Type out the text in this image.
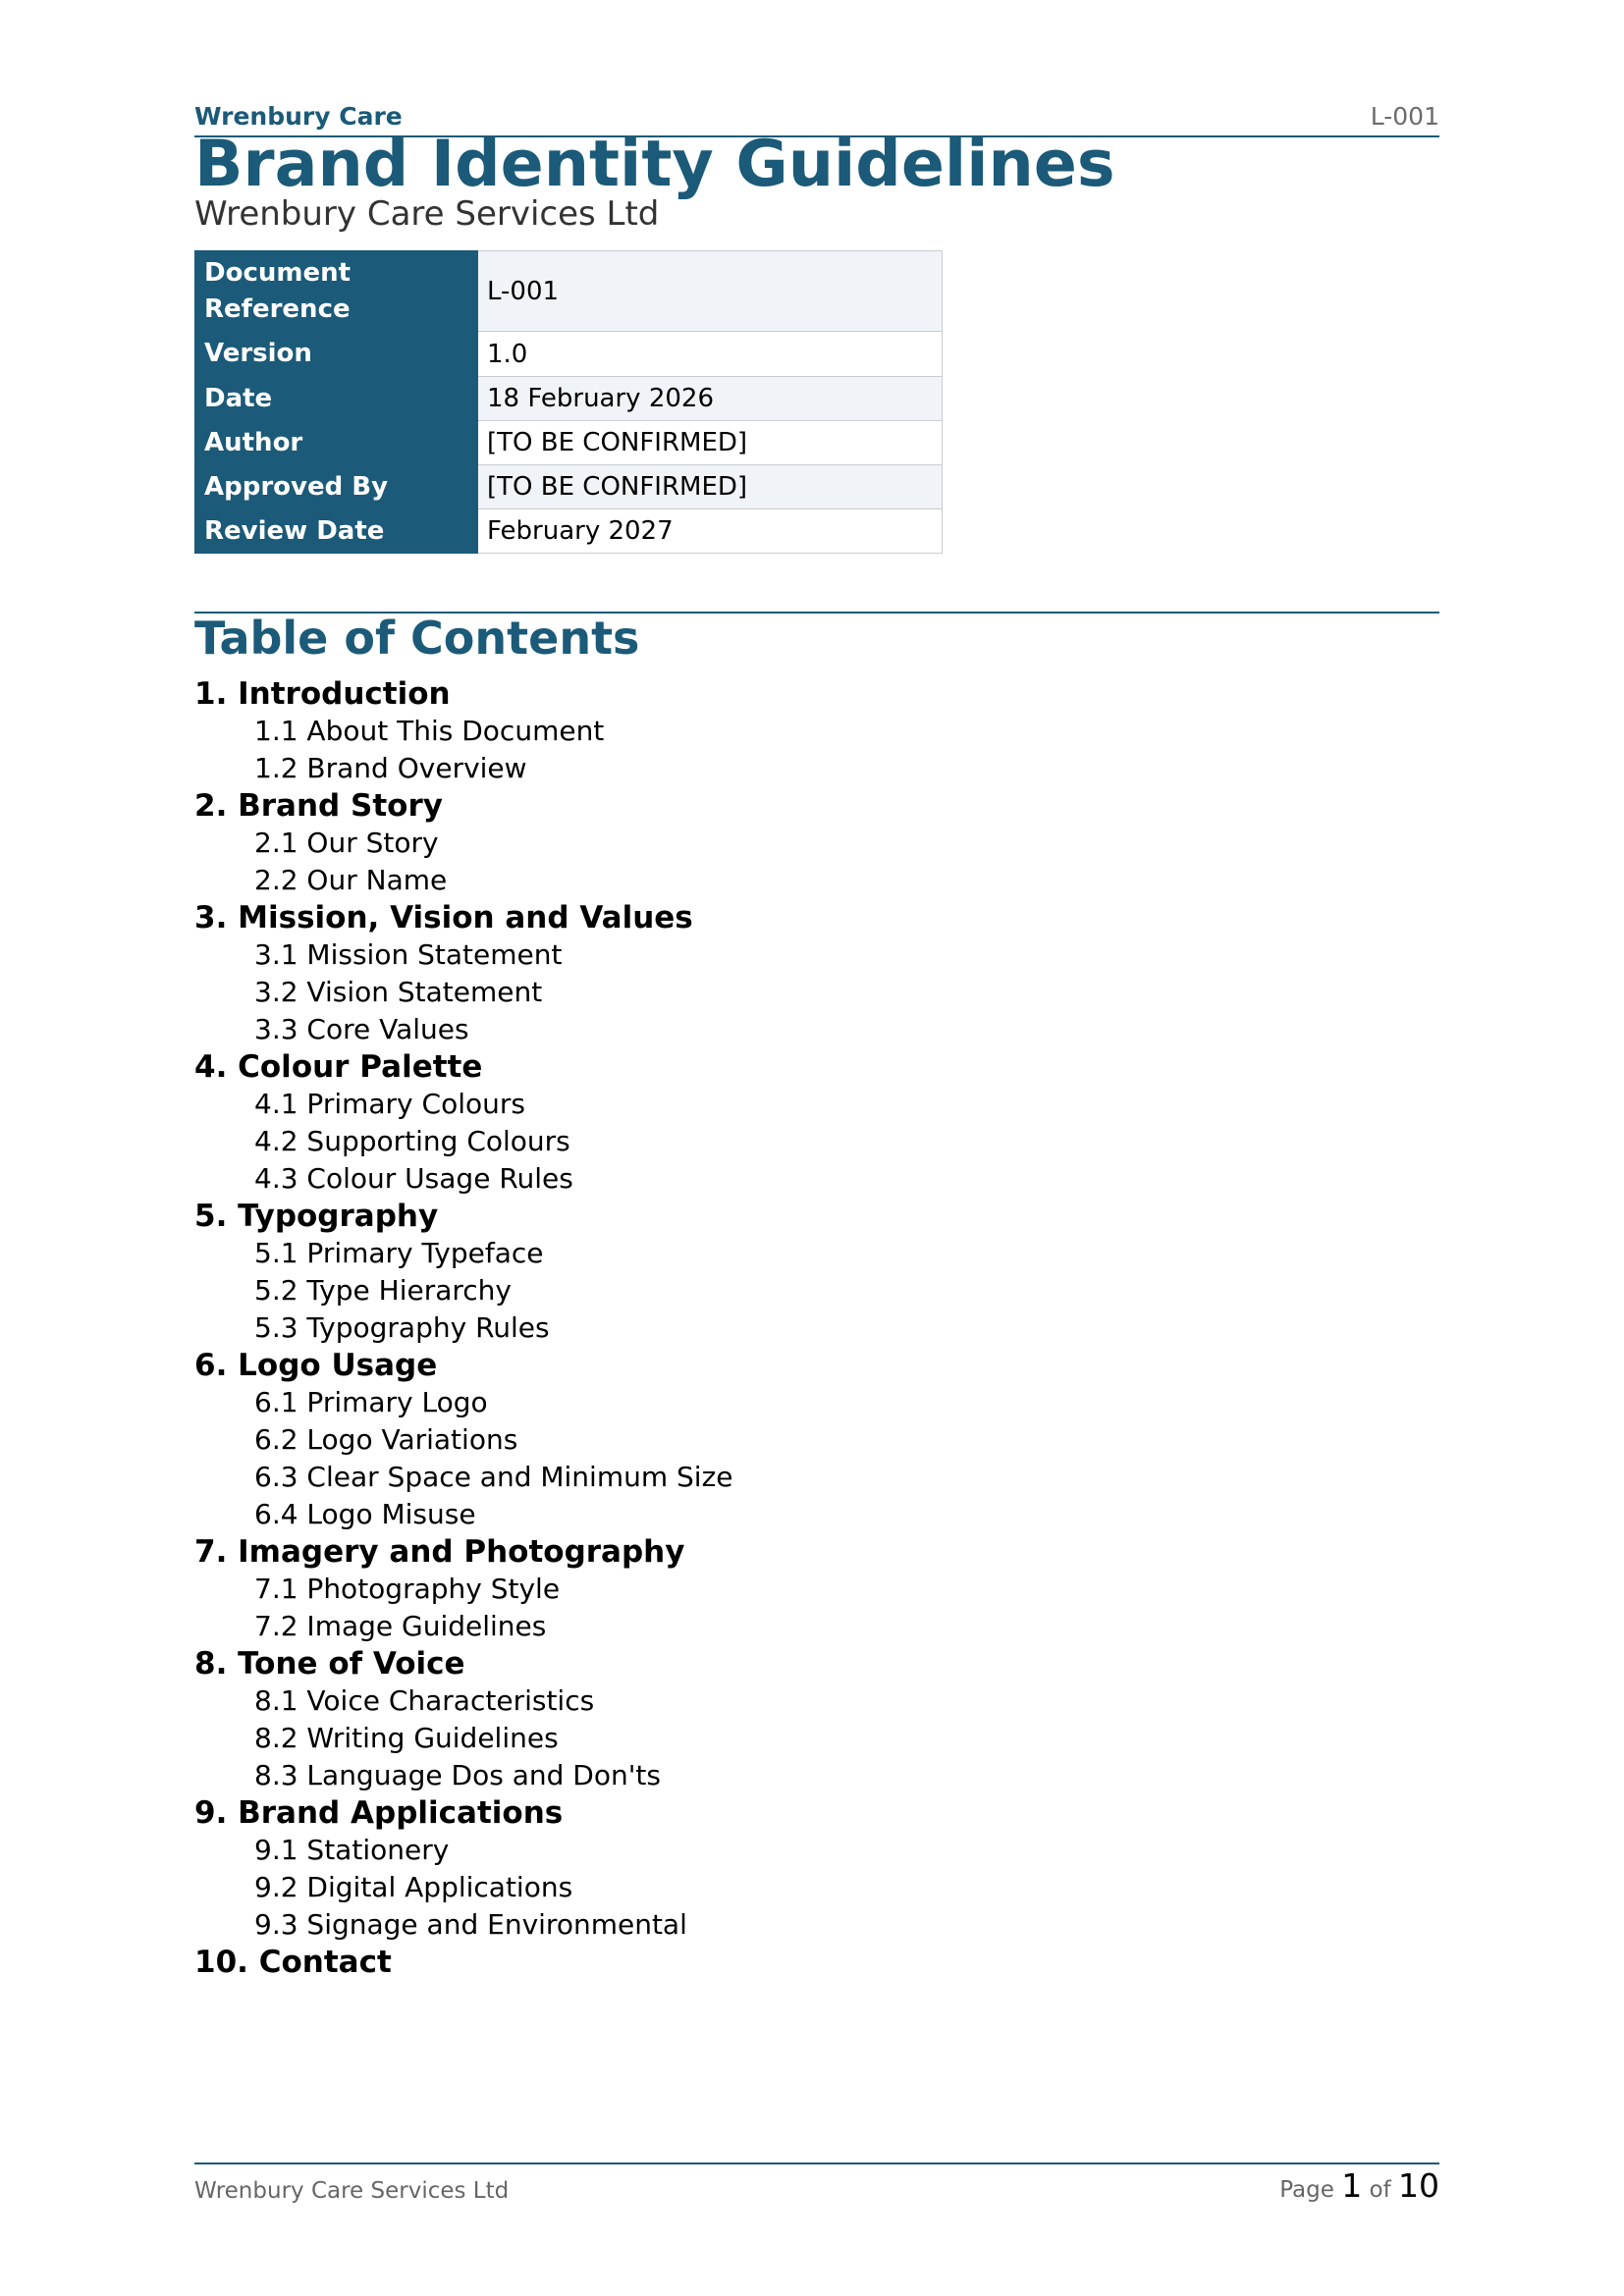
Wrenbury Care	L-001
Brand Identity Guidelines
Wrenbury Care Services Ltd
Document
Reference	L-001
Version	1.0
Date	18 February 2026
Author	[TO BE CONFIRMED]
Approved By	[TO BE CONFIRMED]
Review Date	February 2027
Table of Contents
1. Introduction
1.1 About This Document
1.2 Brand Overview
2. Brand Story
2.1 Our Story
2.2 Our Name
3. Mission, Vision and Values
3.1 Mission Statement
3.2 Vision Statement
3.3 Core Values
4. Colour Palette
4.1 Primary Colours
4.2 Supporting Colours
4.3 Colour Usage Rules
5. Typography
5.1 Primary Typeface
5.2 Type Hierarchy
5.3 Typography Rules
6. Logo Usage
6.1 Primary Logo
6.2 Logo Variations
6.3 Clear Space and Minimum Size
6.4 Logo Misuse
7. Imagery and Photography
7.1 Photography Style
7.2 Image Guidelines
8. Tone of Voice
8.1 Voice Characteristics
8.2 Writing Guidelines
8.3 Language Dos and Don'ts
9. Brand Applications
9.1 Stationery
9.2 Digital Applications
9.3 Signage and Environmental
10. Contact
Wrenbury Care Services Ltd	Page 1 of 10
